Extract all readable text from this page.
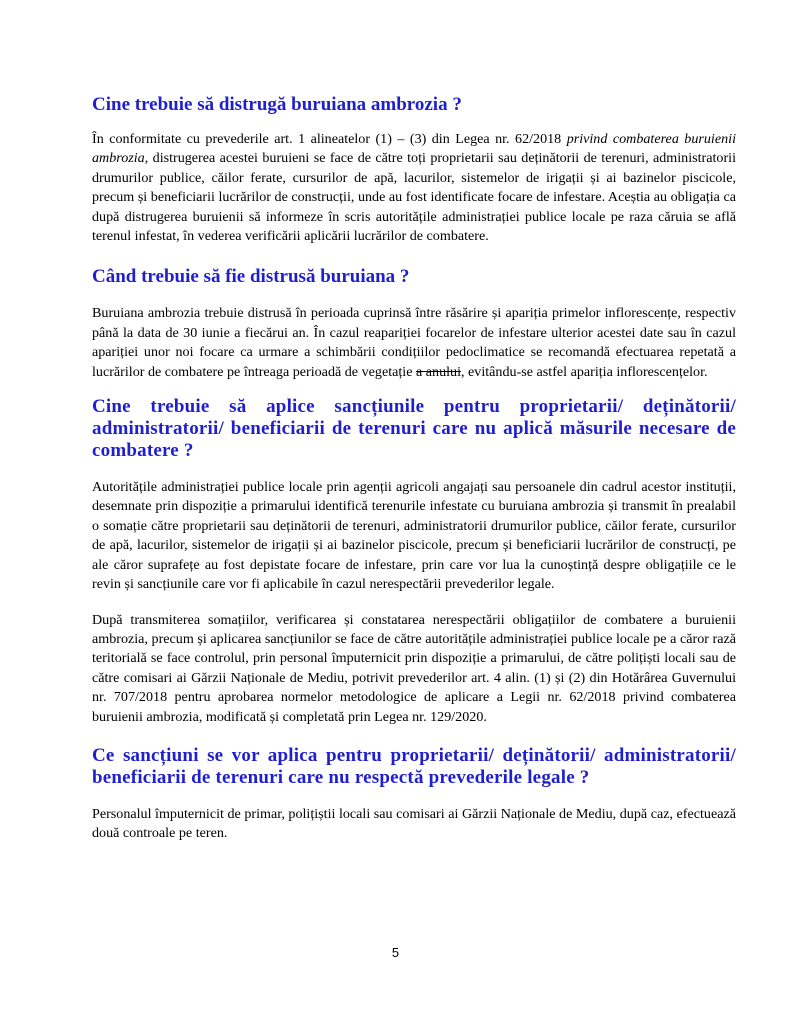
Cine trebuie să distrugă buruiana ambrozia ?

În conformitate cu prevederile art. 1 alineatelor (1) – (3) din Legea nr. 62/2018 privind combaterea buruienii ambrozia, distrugerea acestei buruieni se face de către toți proprietarii sau deținătorii de terenuri, administratorii drumurilor publice, căilor ferate, cursurilor de apă, lacurilor, sistemelor de irigații și ai bazinelor piscicole, precum și beneficiarii lucrărilor de construcții, unde au fost identificate focare de infestare. Aceștia au obligația ca după distrugerea buruienii să informeze în scris autoritățile administrației publice locale pe raza căruia se află terenul infestat, în vederea verificării aplicării lucrărilor de combatere.

Când trebuie să fie distrusă buruiana ?

Buruiana ambrozia trebuie distrusă în perioada cuprinsă între răsărire și apariția primelor inflorescențe, respectiv până la data de 30 iunie a fiecărui an. În cazul reapariției focarelor de infestare ulterior acestei date sau în cazul apariției unor noi focare ca urmare a schimbării condițiilor pedoclimatice se recomandă efectuarea repetată a lucrărilor de combatere pe întreaga perioadă de vegetație a anului, evitându-se astfel apariția inflorescențelor.

Cine trebuie să aplice sancțiunile pentru proprietarii/ deținătorii/ administratorii/ beneficiarii de terenuri care nu aplică măsurile necesare de combatere ?

Autoritățile administrației publice locale prin agenții agricoli angajați sau persoanele din cadrul acestor instituții, desemnate prin dispoziție a primarului identifică terenurile infestate cu buruiana ambrozia și transmit în prealabil o somație către proprietarii sau deținătorii de terenuri, administratorii drumurilor publice, căilor ferate, cursurilor de apă, lacurilor, sistemelor de irigații și ai bazinelor piscicole, precum și beneficiarii lucrărilor de construcți, pe ale căror suprafețe au fost depistate focare de infestare, prin care vor lua la cunoștință despre obligațiile ce le revin și sancțiunile care vor fi aplicabile în cazul nerespectării prevederilor legale.

După transmiterea somațiilor, verificarea și constatarea nerespectării obligațiilor de combatere a buruienii ambrozia, precum și aplicarea sancțiunilor se face de către autoritățile administrației publice locale pe a căror rază teritorială se face controlul, prin personal împuternicit prin dispoziție a primarului, de către polițiști locali sau de către comisari ai Gărzii Naționale de Mediu, potrivit prevederilor art. 4 alin. (1) și (2) din Hotărârea Guvernului nr. 707/2018 pentru aprobarea normelor metodologice de aplicare a Legii nr. 62/2018 privind combaterea buruienii ambrozia, modificată și completată prin Legea nr. 129/2020.

Ce sancțiuni se vor aplica pentru proprietarii/ deținătorii/ administratorii/ beneficiarii de terenuri care nu respectă prevederile legale ?

Personalul împuternicit de primar, polițiștii locali sau comisari ai Gărzii Naționale de Mediu, după caz, efectuează două controale pe teren.

5
